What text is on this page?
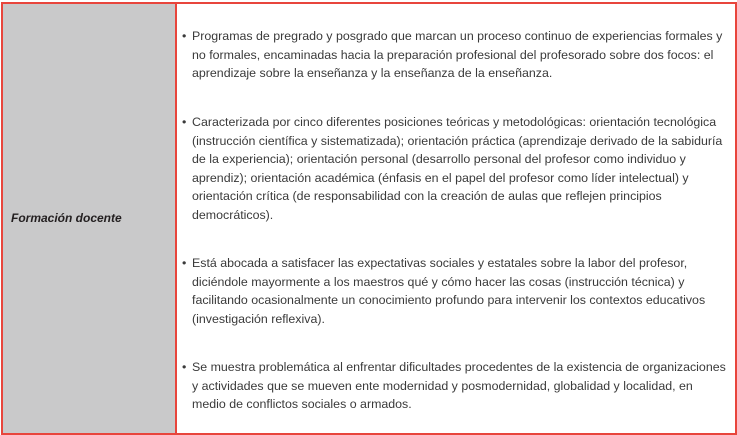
Formación docente
• Programas de pregrado y posgrado que marcan un proceso continuo de experiencias formales y no formales, encaminadas hacia la preparación profesional del profesorado sobre dos focos: el aprendizaje sobre la enseñanza y la enseñanza de la enseñanza.
• Caracterizada por cinco diferentes posiciones teóricas y metodológicas: orientación tecnológica (instrucción científica y sistematizada); orientación práctica (aprendizaje derivado de la sabiduría de la experiencia); orientación personal (desarrollo personal del profesor como individuo y aprendiz); orientación académica (énfasis en el papel del profesor como líder intelectual) y orientación crítica (de responsabilidad con la creación de aulas que reflejen principios democráticos).
• Está abocada a satisfacer las expectativas sociales y estatales sobre la labor del profesor, diciéndole mayormente a los maestros qué y cómo hacer las cosas (instrucción técnica) y facilitando ocasionalmente un conocimiento profundo para intervenir los contextos educativos (investigación reflexiva).
• Se muestra problemática al enfrentar dificultades procedentes de la existencia de organizaciones y actividades que se mueven ente modernidad y posmodernidad, globalidad y localidad, en medio de conflictos sociales o armados.
